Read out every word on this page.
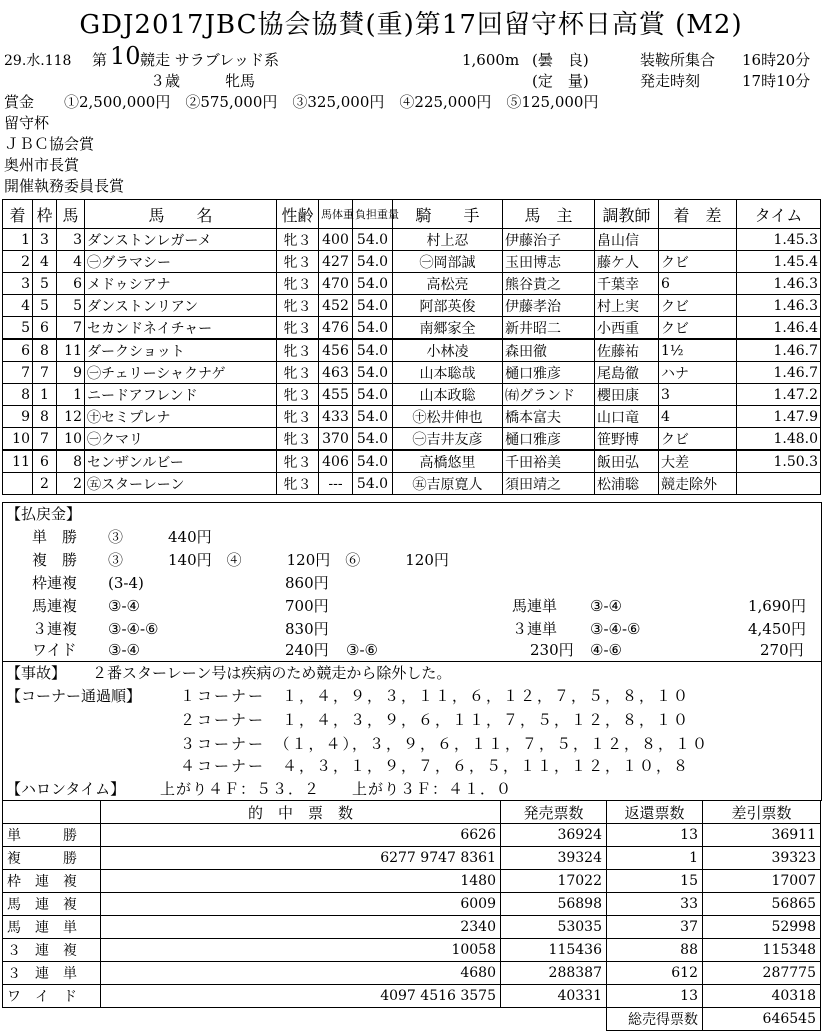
GDJ2017JBC協会協賛(重)第17回留守杯日高賞 (M2)
29.水.118 第 10 競走 サラブレッド系
３歳　　　牝馬
1,600m (曇　良)
(定　量)
装鞍所集合 16時20分
発走時刻	17時10分
賞金　　①2,500,000円　②575,000円　③325,000円　④225,000円　⑤125,000円
留守杯
ＪＢＣ協会賞
奥州市長賞
開催執務委員長賞
着	枠	馬	馬　　名	性齢	馬体重	負担重量	騎　　手	馬　主	調教師	着　差	タイム
1	3	3	ダンストンレガーメ	牝３	400	54.0	村上忍	伊藤治子	畠山信		1.45.3
2	4	4	㊀グラマシー	牝３	427	54.0	㊀岡部誠	玉田博志	藤ケ人	クビ	1.45.4
3	5	6	メドゥシアナ	牝３	470	54.0	高松亮	熊谷貴之	千葉幸	6	1.46.3
4	5	5	ダンストンリアン	牝３	452	54.0	阿部英俊	伊藤孝治	村上実	クビ	1.46.3
5	6	7	セカンドネイチャー	牝３	476	54.0	南郷家全	新井昭二	小西重	クビ	1.46.4
6	8	11	ダークショット	牝３	456	54.0	小林凌	森田徹	佐藤祐	1½	1.46.7
7	7	9	㊀チェリーシャクナゲ	牝３	463	54.0	山本聡哉	樋口雅彦	尾島徹	ハナ	1.46.7
8	1	1	ニードアフレンド	牝３	455	54.0	山本政聡	㈲グランド	櫻田康	3	1.47.2
9	8	12	㊉セミプレナ	牝３	433	54.0	㊉松井伸也	橋本富夫	山口竜	4	1.47.9
10	7	10	㊀クマリ	牝３	370	54.0	㊀吉井友彦	樋口雅彦	笹野博	クビ	1.48.0
11	6	8	センザンルビー	牝３	406	54.0	高橋悠里	千田裕美	飯田弘	大差	1.50.3
	2	2	㊄スターレーン	牝３	---	54.0	㊄吉原寛人	須田靖之	松浦聡	競走除外	
【払戻金】
単　勝 ③　　　440円
複　勝 ③　　　140円　④　　　120円　⑥　　　120円
枠連複 (3-4)	860円
馬連複 ③-④	700円	馬連単 ③-④	1,690円
３連複 ③-④-⑥	830円	３連単 ③-④-⑥	4,450円
ワイド ③-④	240円 ③-⑥	230円 ④-⑥	270円
【事故】 ２番スターレーン号は疾病のため競走から除外した。
【コーナー通過順】	１コーナー　１，４，９，３，１１，６，１２，７，５，８，１０
２コーナー　１，４，３，９，６，１１，７，５，１２，８，１０
３コーナー　（１，４），３，９，６，１１，７，５，１２，８，１０
４コーナー　４，３，１，９，７，６，５，１１，１２，１０，８
【ハロンタイム】 上がり４Ｆ：５３．２　　上がり３Ｆ：４１．０
	的　中　票　数	発売票数	返還票数	差引票数
単　　　勝	6626	36924	13	36911
複　　　勝	6277 9747 8361	39324	1	39323
枠　連　複	1480	17022	15	17007
馬　連　複	6009	56898	33	56865
馬　連　単	2340	53035	37	52998
３　連　複	10058	115436	88	115348
３　連　単	4680	288387	612	287775
ワ　イ　ド	4097 4516 3575	40331	13	40318
			総売得票数	646545
